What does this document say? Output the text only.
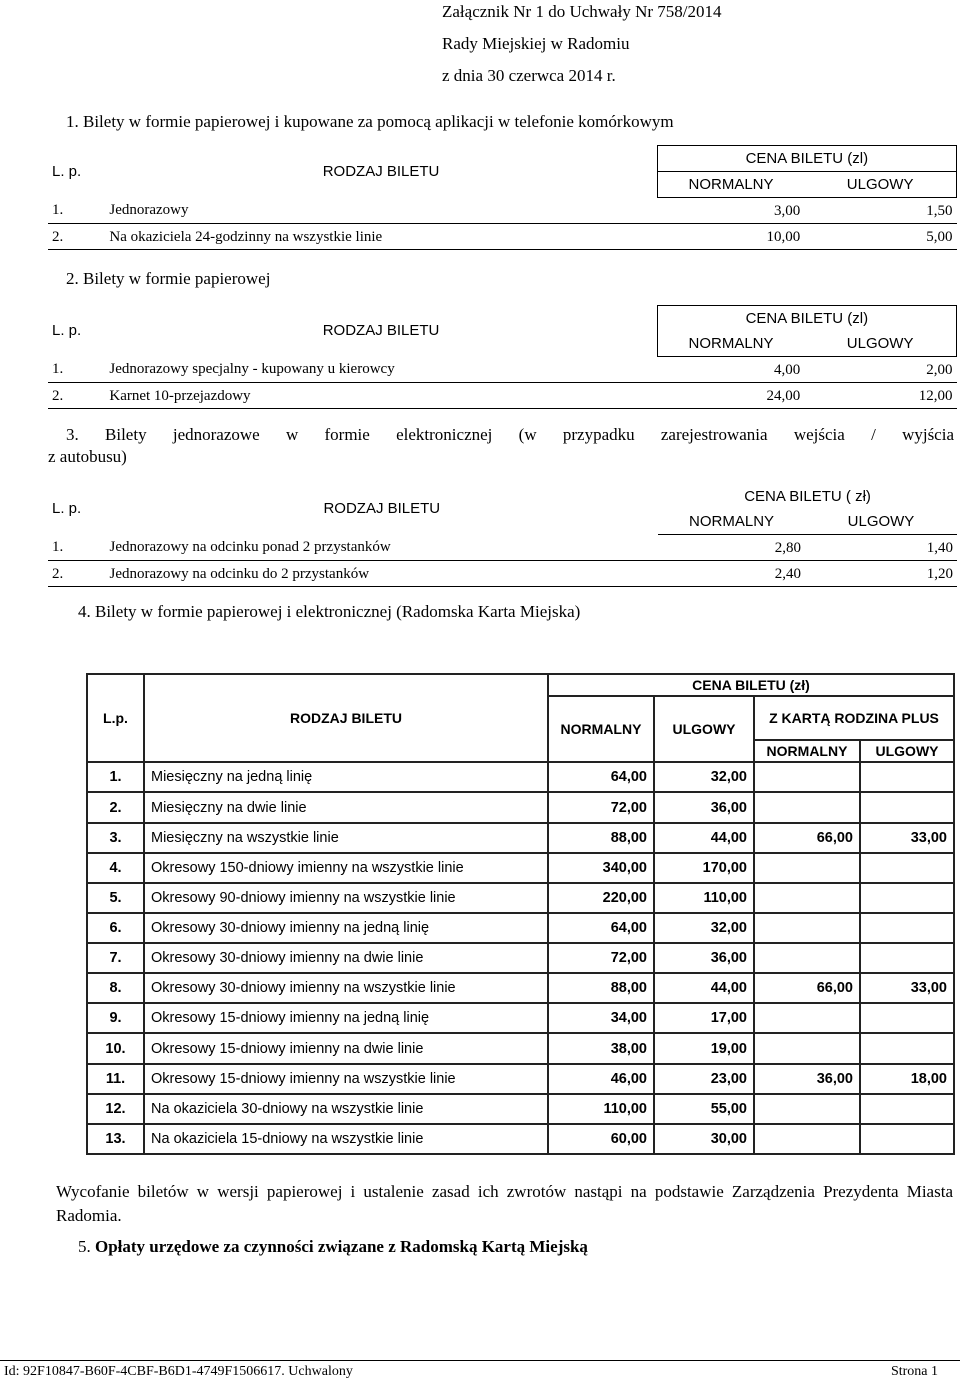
Załącznik Nr 1 do Uchwały Nr 758/2014
Rady Miejskiej w Radomiu
z dnia 30 czerwca 2014 r.
1. Bilety w formie papierowej i kupowane za pomocą aplikacji w telefonie komórkowym
L. p.	RODZAJ BILETU	CENA BILETU (zl)	
		NORMALNY	ULGOWY
1.	Jednorazowy	3,00	1,50
2.	Na okaziciela 24-godzinny na wszystkie linie	10,00	5,00
2. Bilety w formie papierowej
L. p.	RODZAJ BILETU	CENA BILETU (zl)	
		NORMALNY	ULGOWY
1.	Jednorazowy specjalny - kupowany u kierowcy	4,00	2,00
2.	Karnet 10-przejazdowy	24,00	12,00
3. Bilety jednorazowe w formie elektronicznej (w przypadku zarejestrowania wejścia / wyjścia
z autobusu)
L. p.	RODZAJ BILETU	CENA BILETU ( zł)	
		NORMALNY	ULGOWY
1.	Jednorazowy na odcinku ponad 2 przystanków	2,80	1,40
2.	Jednorazowy na odcinku do 2 przystanków	2,40	1,20
4. Bilety w formie papierowej i elektronicznej (Radomska Karta Miejska)
L.p.	RODZAJ BILETU	CENA BILETU (zł)			
		NORMALNY	ULGOWY	Z KARTĄ RODZINA PLUS	
				NORMALNY	ULGOWY
1.	Miesięczny na jedną linię	64,00	32,00		
2.	Miesięczny na dwie linie	72,00	36,00		
3.	Miesięczny na wszystkie linie	88,00	44,00	66,00	33,00
4.	Okresowy 150-dniowy imienny na wszystkie linie	340,00	170,00		
5.	Okresowy 90-dniowy imienny na wszystkie linie	220,00	110,00		
6.	Okresowy 30-dniowy imienny na jedną linię	64,00	32,00		
7.	Okresowy 30-dniowy imienny na dwie linie	72,00	36,00		
8.	Okresowy 30-dniowy imienny na wszystkie linie	88,00	44,00	66,00	33,00
9.	Okresowy 15-dniowy imienny na jedną linię	34,00	17,00		
10.	Okresowy 15-dniowy imienny na dwie linie	38,00	19,00		
11.	Okresowy 15-dniowy imienny na wszystkie linie	46,00	23,00	36,00	18,00
12.	Na okaziciela 30-dniowy na wszystkie linie	110,00	55,00		
13.	Na okaziciela 15-dniowy na wszystkie linie	60,00	30,00		
Wycofanie biletów w wersji papierowej i ustalenie zasad ich zwrotów nastąpi na podstawie Zarządzenia Prezydenta Miasta Radomia.
5. Opłaty urzędowe za czynności związane z Radomską Kartą Miejską
Id: 92F10847-B60F-4CBF-B6D1-4749F1506617. Uchwalony	Strona 1
